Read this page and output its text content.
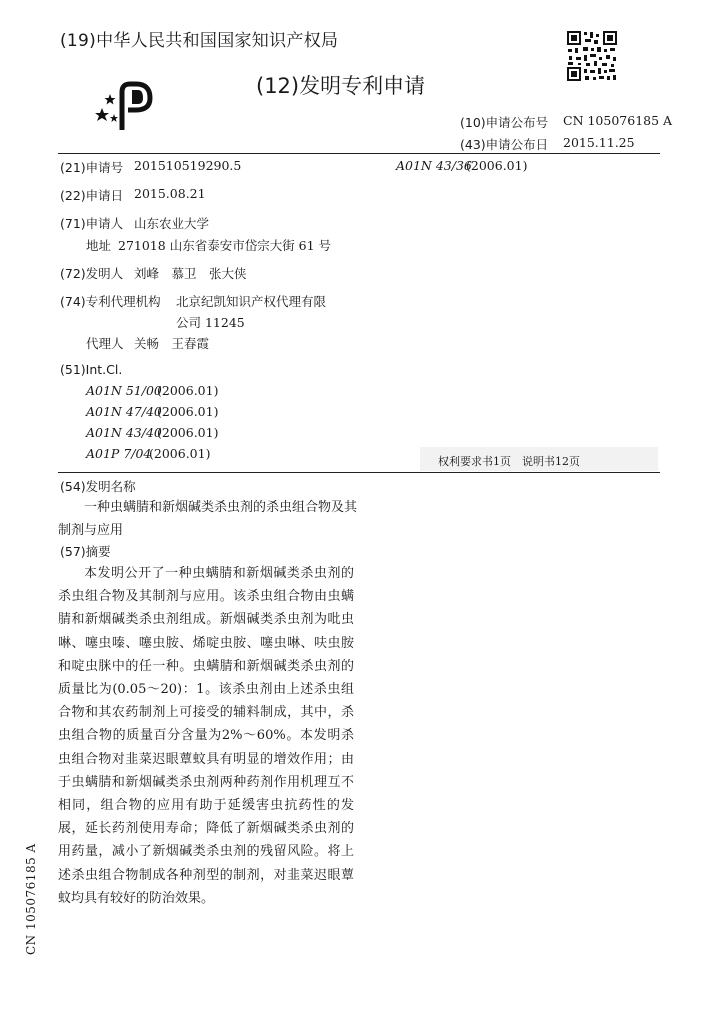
(19)中华人民共和国国家知识产权局
(12)发明专利申请
(10)申请公布号 CN 105076185 A
(43)申请公布日 2015.11.25
(21)申请号 201510519290.5	A01N 43/36
(2006.01)
(22)申请日 2015.08.21
(71)申请人 山东农业大学
地址 271018 山东省泰安市岱宗大街 61 号
(72)发明人 刘峰　慕卫　张大侠
(74)专利代理机构 北京纪凯知识产权代理有限
公司 11245
代理人 关畅　王春霞
(51)Int.Cl.
A01N 51/00
(2006.01)
A01N 47/40
(2006.01)
A01N 43/40
(2006.01)
A01P 7/04
(2006.01)
权利要求书1页　说明书12页
(54)发明名称
一种虫螨腈和新烟碱类杀虫剂的杀虫组合物及其制剂与应用
(57)摘要
本发明公开了一种虫螨腈和新烟碱类杀虫剂的杀虫组合物及其制剂与应用。该杀虫组合物由虫螨腈和新烟碱类杀虫剂组成。新烟碱类杀虫剂为吡虫啉、噻虫嗪、噻虫胺、烯啶虫胺、噻虫啉、呋虫胺和啶虫脒中的任一种。虫螨腈和新烟碱类杀虫剂的质量比为(0.05～20)：1。该杀虫剂由上述杀虫组合物和其农药制剂上可接受的辅料制成，其中，杀虫组合物的质量百分含量为2%～60%。本发明杀虫组合物对韭菜迟眼蕈蚊具有明显的增效作用；由于虫螨腈和新烟碱类杀虫剂两种药剂作用机理互不相同，组合物的应用有助于延缓害虫抗药性的发展，延长药剂使用寿命；降低了新烟碱类杀虫剂的用药量，减小了新烟碱类杀虫剂的残留风险。将上述杀虫组合物制成各种剂型的制剂，对韭菜迟眼蕈蚊均具有较好的防治效果。
CN 105076185 A
